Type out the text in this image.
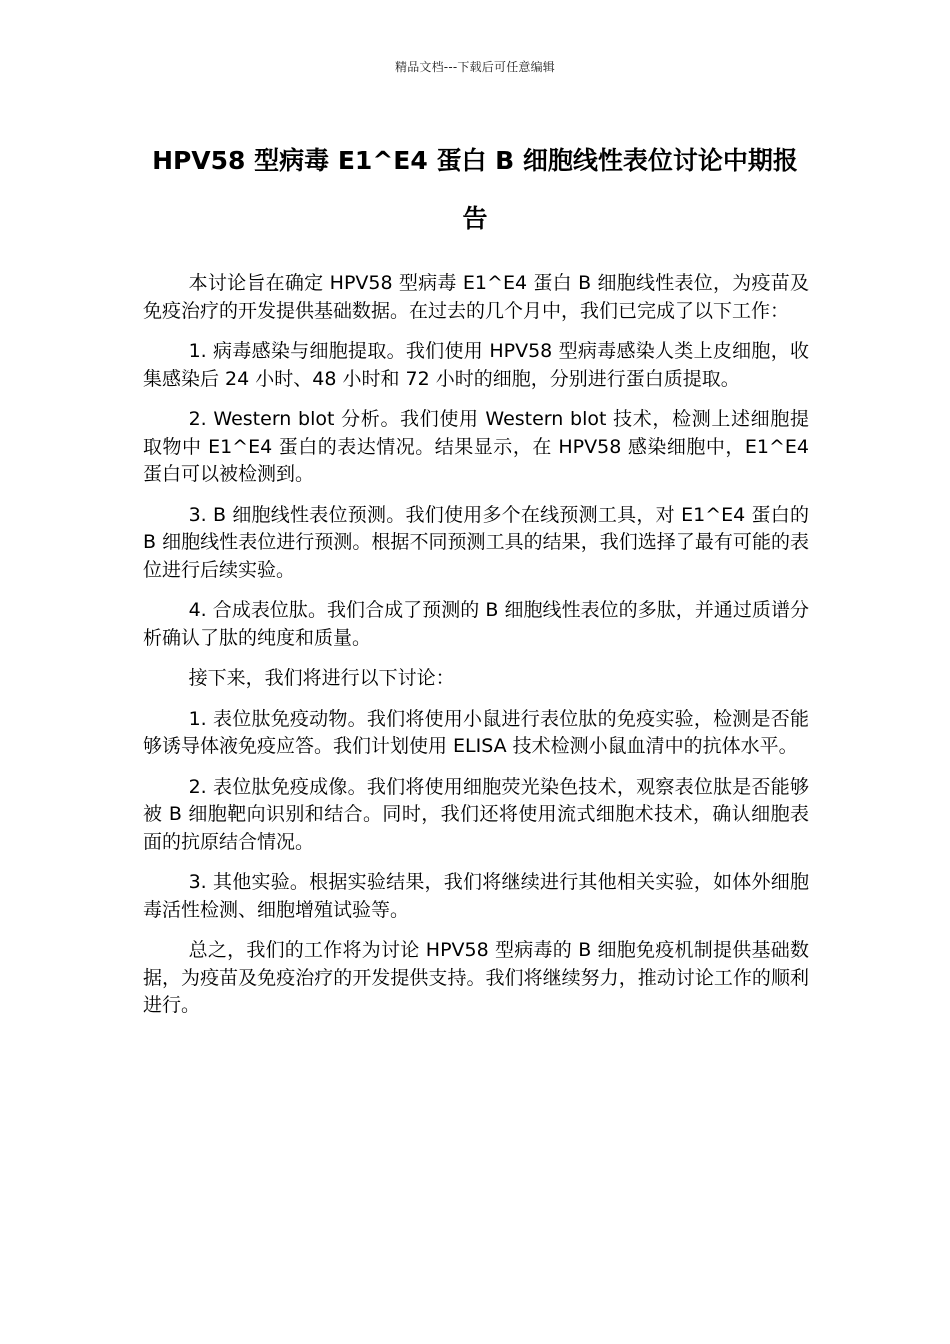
精品文档---下载后可任意编辑
HPV58 型病毒 E1^E4 蛋白 B 细胞线性表位讨论中期报告

本讨论旨在确定 HPV58 型病毒 E1^E4 蛋白 B 细胞线性表位，为疫苗及免疫治疗的开发提供基础数据。在过去的几个月中，我们已完成了以下工作：

1. 病毒感染与细胞提取。我们使用 HPV58 型病毒感染人类上皮细胞，收集感染后 24 小时、48 小时和 72 小时的细胞，分别进行蛋白质提取。

2. Western blot 分析。我们使用 Western blot 技术，检测上述细胞提取物中 E1^E4 蛋白的表达情况。结果显示，在 HPV58 感染细胞中，E1^E4 蛋白可以被检测到。

3. B 细胞线性表位预测。我们使用多个在线预测工具，对 E1^E4 蛋白的 B 细胞线性表位进行预测。根据不同预测工具的结果，我们选择了最有可能的表位进行后续实验。

4. 合成表位肽。我们合成了预测的 B 细胞线性表位的多肽，并通过质谱分析确认了肽的纯度和质量。

接下来，我们将进行以下讨论：

1. 表位肽免疫动物。我们将使用小鼠进行表位肽的免疫实验，检测是否能够诱导体液免疫应答。我们计划使用 ELISA 技术检测小鼠血清中的抗体水平。

2. 表位肽免疫成像。我们将使用细胞荧光染色技术，观察表位肽是否能够被 B 细胞靶向识别和结合。同时，我们还将使用流式细胞术技术，确认细胞表面的抗原结合情况。

3. 其他实验。根据实验结果，我们将继续进行其他相关实验，如体外细胞毒活性检测、细胞增殖试验等。

总之，我们的工作将为讨论 HPV58 型病毒的 B 细胞免疫机制提供基础数据，为疫苗及免疫治疗的开发提供支持。我们将继续努力，推动讨论工作的顺利进行。
